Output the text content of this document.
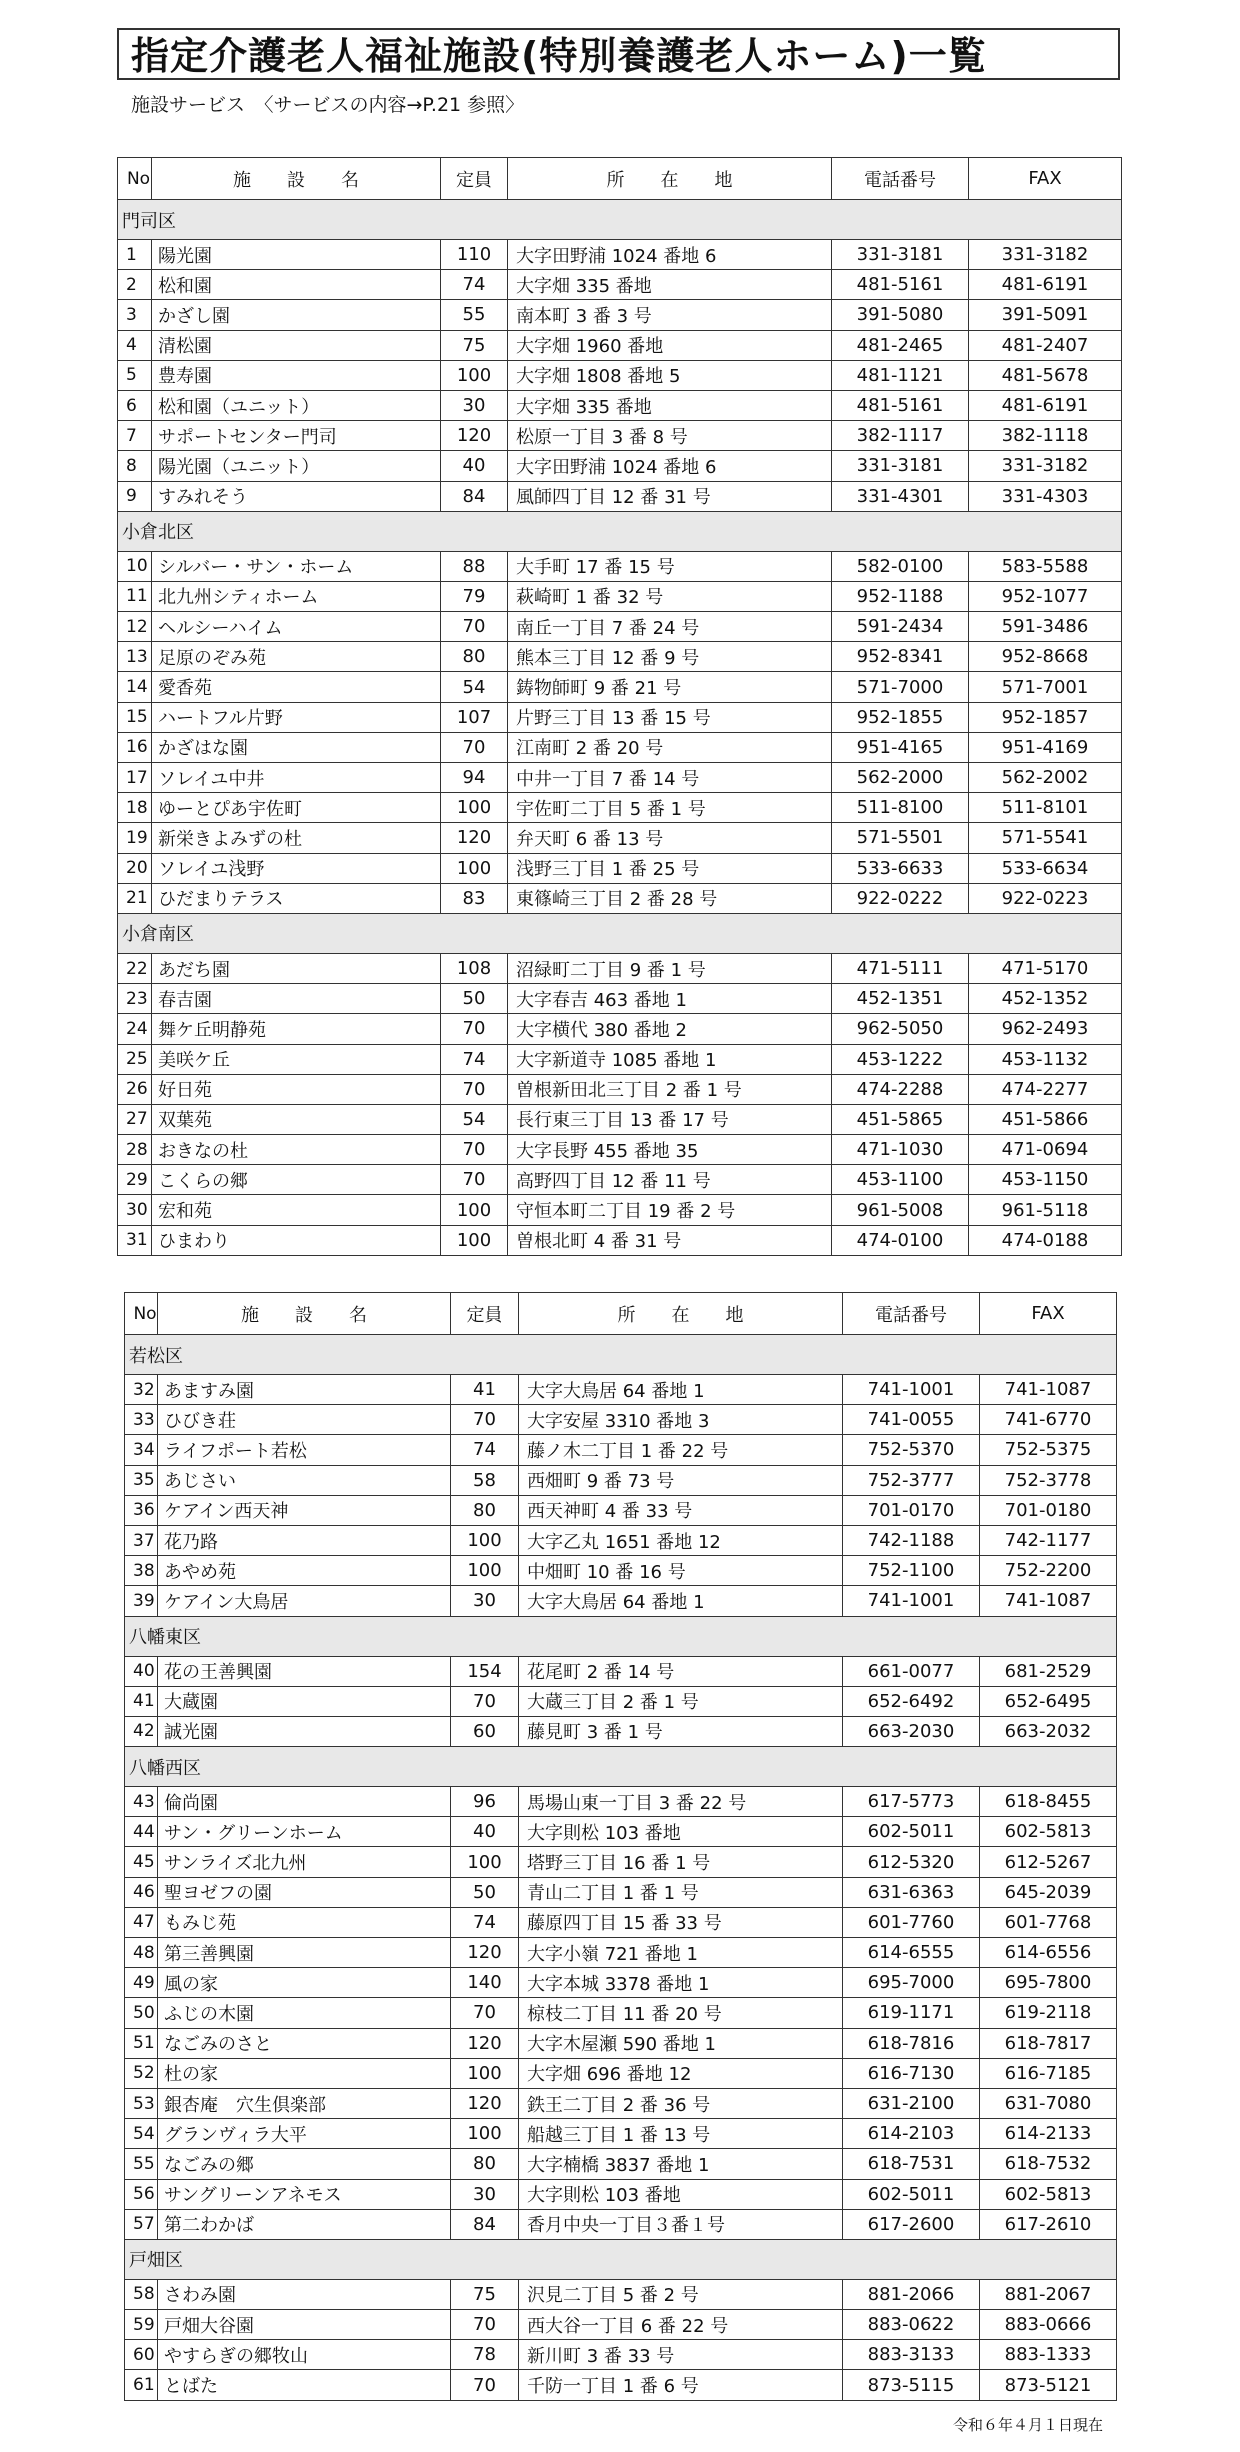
指定介護老人福祉施設(特別養護老人ホーム)一覧
施設サービス　〈サービスの内容→P.21 参照〉
No	施　　設　　名	定員	所　　在　　地	電話番号	FAX
門司区					
1	陽光園	110	大字田野浦 1024 番地 6	331-3181	331-3182
2	松和園	74	大字畑 335 番地	481-5161	481-6191
3	かざし園	55	南本町 3 番 3 号	391-5080	391-5091
4	清松園	75	大字畑 1960 番地	481-2465	481-2407
5	豊寿園	100	大字畑 1808 番地 5	481-1121	481-5678
6	松和園（ユニット）	30	大字畑 335 番地	481-5161	481-6191
7	サポートセンター門司	120	松原一丁目 3 番 8 号	382-1117	382-1118
8	陽光園（ユニット）	40	大字田野浦 1024 番地 6	331-3181	331-3182
9	すみれそう	84	風師四丁目 12 番 31 号	331-4301	331-4303
小倉北区					
10	シルバー・サン・ホーム	88	大手町 17 番 15 号	582-0100	583-5588
11	北九州シティホーム	79	萩崎町 1 番 32 号	952-1188	952-1077
12	ヘルシーハイム	70	南丘一丁目 7 番 24 号	591-2434	591-3486
13	足原のぞみ苑	80	熊本三丁目 12 番 9 号	952-8341	952-8668
14	愛香苑	54	鋳物師町 9 番 21 号	571-7000	571-7001
15	ハートフル片野	107	片野三丁目 13 番 15 号	952-1855	952-1857
16	かざはな園	70	江南町 2 番 20 号	951-4165	951-4169
17	ソレイユ中井	94	中井一丁目 7 番 14 号	562-2000	562-2002
18	ゆーとぴあ宇佐町	100	宇佐町二丁目 5 番 1 号	511-8100	511-8101
19	新栄きよみずの杜	120	弁天町 6 番 13 号	571-5501	571-5541
20	ソレイユ浅野	100	浅野三丁目 1 番 25 号	533-6633	533-6634
21	ひだまりテラス	83	東篠崎三丁目 2 番 28 号	922-0222	922-0223
小倉南区					
22	あだち園	108	沼緑町二丁目 9 番 1 号	471-5111	471-5170
23	春吉園	50	大字春吉 463 番地 1	452-1351	452-1352
24	舞ケ丘明静苑	70	大字横代 380 番地 2	962-5050	962-2493
25	美咲ケ丘	74	大字新道寺 1085 番地 1	453-1222	453-1132
26	好日苑	70	曽根新田北三丁目 2 番 1 号	474-2288	474-2277
27	双葉苑	54	長行東三丁目 13 番 17 号	451-5865	451-5866
28	おきなの杜	70	大字長野 455 番地 35	471-1030	471-0694
29	こくらの郷	70	高野四丁目 12 番 11 号	453-1100	453-1150
30	宏和苑	100	守恒本町二丁目 19 番 2 号	961-5008	961-5118
31	ひまわり	100	曽根北町 4 番 31 号	474-0100	474-0188
No	施　　設　　名	定員	所　　在　　地	電話番号	FAX
若松区					
32	あますみ園	41	大字大鳥居 64 番地 1	741-1001	741-1087
33	ひびき荘	70	大字安屋 3310 番地 3	741-0055	741-6770
34	ライフポート若松	74	藤ノ木二丁目 1 番 22 号	752-5370	752-5375
35	あじさい	58	西畑町 9 番 73 号	752-3777	752-3778
36	ケアイン西天神	80	西天神町 4 番 33 号	701-0170	701-0180
37	花乃路	100	大字乙丸 1651 番地 12	742-1188	742-1177
38	あやめ苑	100	中畑町 10 番 16 号	752-1100	752-2200
39	ケアイン大鳥居	30	大字大鳥居 64 番地 1	741-1001	741-1087
八幡東区					
40	花の王善興園	154	花尾町 2 番 14 号	661-0077	681-2529
41	大蔵園	70	大蔵三丁目 2 番 1 号	652-6492	652-6495
42	誠光園	60	藤見町 3 番 1 号	663-2030	663-2032
八幡西区					
43	倫尚園	96	馬場山東一丁目 3 番 22 号	617-5773	618-8455
44	サン・グリーンホーム	40	大字則松 103 番地	602-5011	602-5813
45	サンライズ北九州	100	塔野三丁目 16 番 1 号	612-5320	612-5267
46	聖ヨゼフの園	50	青山二丁目 1 番 1 号	631-6363	645-2039
47	もみじ苑	74	藤原四丁目 15 番 33 号	601-7760	601-7768
48	第三善興園	120	大字小嶺 721 番地 1	614-6555	614-6556
49	風の家	140	大字本城 3378 番地 1	695-7000	695-7800
50	ふじの木園	70	椋枝二丁目 11 番 20 号	619-1171	619-2118
51	なごみのさと	120	大字木屋瀬 590 番地 1	618-7816	618-7817
52	杜の家	100	大字畑 696 番地 12	616-7130	616-7185
53	銀杏庵　穴生倶楽部	120	鉄王二丁目 2 番 36 号	631-2100	631-7080
54	グランヴィラ大平	100	船越三丁目 1 番 13 号	614-2103	614-2133
55	なごみの郷	80	大字楠橋 3837 番地 1	618-7531	618-7532
56	サングリーンアネモス	30	大字則松 103 番地	602-5011	602-5813
57	第二わかば	84	香月中央一丁目３番１号	617-2600	617-2610
戸畑区					
58	さわみ園	75	沢見二丁目 5 番 2 号	881-2066	881-2067
59	戸畑大谷園	70	西大谷一丁目 6 番 22 号	883-0622	883-0666
60	やすらぎの郷牧山	78	新川町 3 番 33 号	883-3133	883-1333
61	とばた	70	千防一丁目 1 番 6 号	873-5115	873-5121
令和６年４月１日現在
